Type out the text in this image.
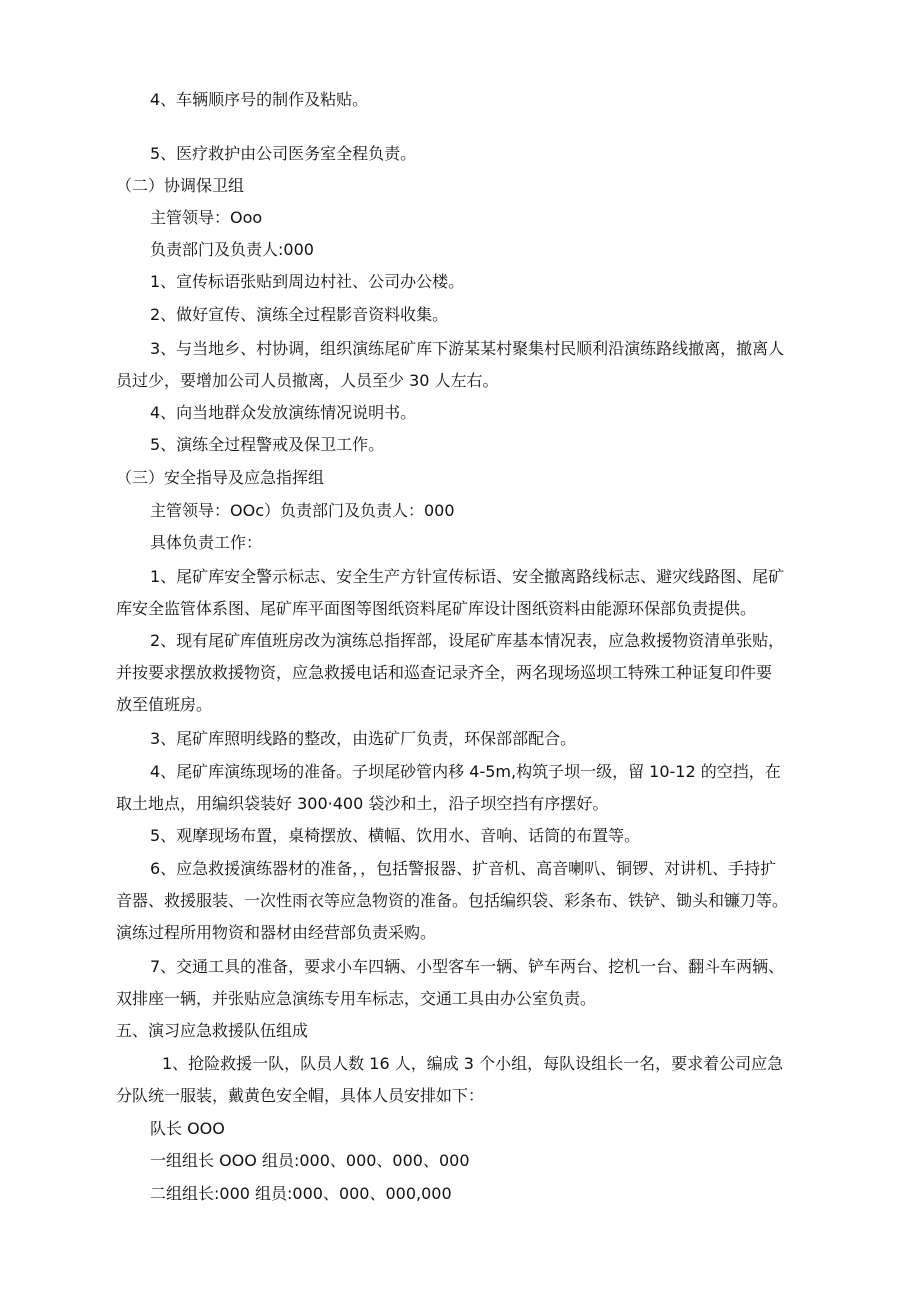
4、车辆顺序号的制作及粘贴。
5、医疗救护由公司医务室全程负责。
（二）协调保卫组
主管领导：Ooo
负责部门及负责人:000
1、宣传标语张贴到周边村社、公司办公楼。
2、做好宣传、演练全过程影音资料收集。
3、与当地乡、村协调，组织演练尾矿库下游某某村聚集村民顺利沿演练路线撤离，撤离人
员过少，要增加公司人员撤离，人员至少 30 人左右。
4、向当地群众发放演练情况说明书。
5、演练全过程警戒及保卫工作。
（三）安全指导及应急指挥组
主管领导：OOc）负责部门及负责人：000
具体负责工作：
1、尾矿库安全警示标志、安全生产方针宣传标语、安全撤离路线标志、避灾线路图、尾矿
库安全监管体系图、尾矿库平面图等图纸资料尾矿库设计图纸资料由能源环保部负责提供。
2、现有尾矿库值班房改为演练总指挥部，设尾矿库基本情况表，应急救援物资清单张贴，
并按要求摆放救援物资，应急救援电话和巡查记录齐全，两名现场巡坝工特殊工种证复印件要
放至值班房。
3、尾矿库照明线路的整改，由选矿厂负责，环保部部配合。
4、尾矿库演练现场的准备。子坝尾砂管内移 4-5m,构筑子坝一级，留 10-12 的空挡，在
取土地点，用编织袋装好 300·400 袋沙和土，沿子坝空挡有序摆好。
5、观摩现场布置，桌椅摆放、横幅、饮用水、音响、话筒的布置等。
6、应急救援演练器材的准备，，包括警报器、扩音机、高音喇叭、铜锣、对讲机、手持扩
音器、救援服装、一次性雨衣等应急物资的准备。包括编织袋、彩条布、铁铲、锄头和镰刀等。
演练过程所用物资和器材由经营部负责采购。
7、交通工具的准备，要求小车四辆、小型客车一辆、铲车两台、挖机一台、翻斗车两辆、
双排座一辆，并张贴应急演练专用车标志，交通工具由办公室负责。
五、演习应急救援队伍组成
1、抢险救援一队，队员人数 16 人，编成 3 个小组，每队设组长一名，要求着公司应急
分队统一服装，戴黄色安全帽，具体人员安排如下：
队长 OOO
一组组长 OOO 组员:000、000、000、000
二组组长:000 组员:000、000、000,000
